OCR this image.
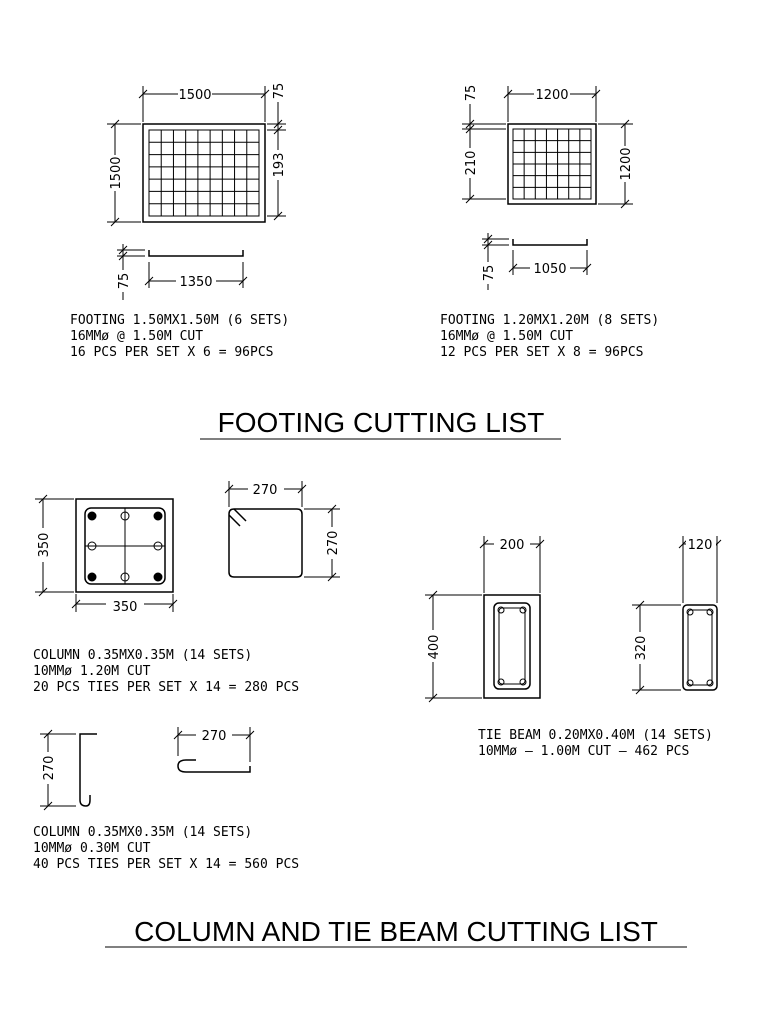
1500
1500
75
193
1350
75
FOOTING 1.50MX1.50M (6 SETS)
16MMø @ 1.50M CUT
16 PCS PER SET X 6 = 96PCS
1200
1200
75
210
1050
75
FOOTING 1.20MX1.20M (8 SETS)
16MMø @ 1.50M CUT
12 PCS PER SET X 8 = 96PCS
FOOTING CUTTING LIST
350
350
270
270
COLUMN 0.35MX0.35M (14 SETS)
10MMø 1.20M CUT
20 PCS TIES PER SET X 14 = 280 PCS
270
270
COLUMN 0.35MX0.35M (14 SETS)
10MMø 0.30M CUT
40 PCS TIES PER SET X 14 = 560 PCS
200
400
120
320
TIE BEAM 0.20MX0.40M (14 SETS)
10MMø – 1.00M CUT – 462 PCS
COLUMN AND TIE BEAM CUTTING LIST
